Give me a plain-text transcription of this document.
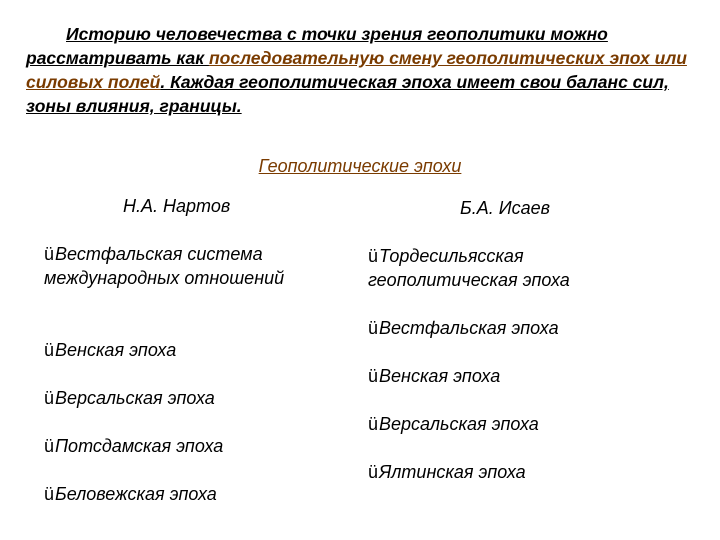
Историю человечества с точки зрения геополитики можно рассматривать как последовательную смену геополитических эпох или силовых полей. Каждая геополитическая эпоха имеет свои баланс сил, зоны влияния, границы.
Геополитические эпохи
Н.А. Нартов	Б.А. Исаев
üВестфальская система международных отношений
üВенская эпоха
üВерсальская эпоха
üПотсдамская эпоха
üБеловежская эпоха
üТордесильясская геополитическая эпоха
üВестфальская эпоха
üВенская эпоха
üВерсальская эпоха
üЯлтинская эпоха
